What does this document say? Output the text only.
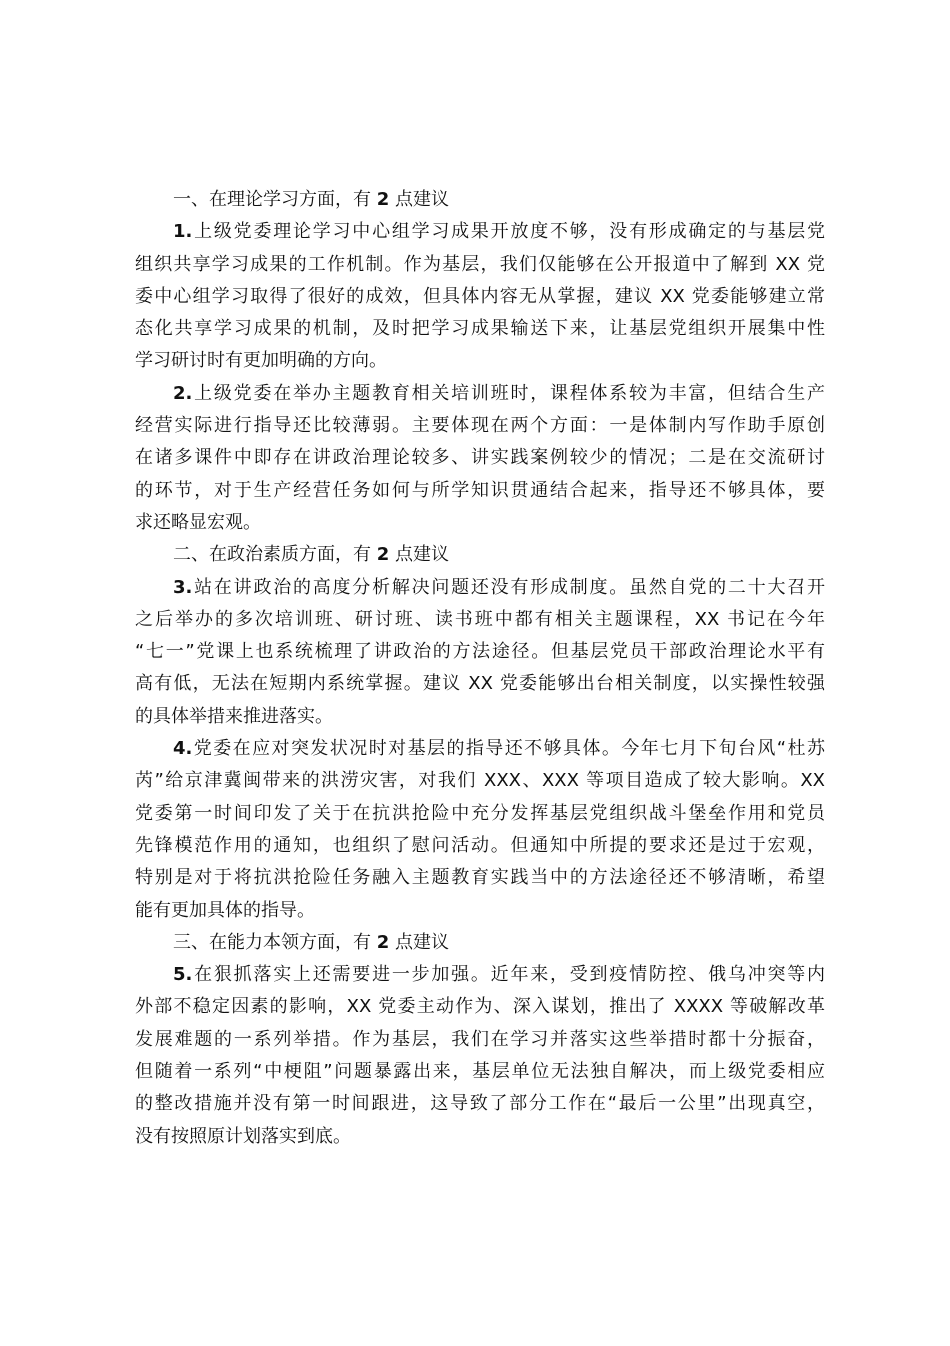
一、在理论学习方面，有 2 点建议
1.上级党委理论学习中心组学习成果开放度不够，没有形成确定的与基层党
组织共享学习成果的工作机制。作为基层，我们仅能够在公开报道中了解到 XX 党
委中心组学习取得了很好的成效，但具体内容无从掌握，建议 XX 党委能够建立常
态化共享学习成果的机制，及时把学习成果输送下来，让基层党组织开展集中性
学习研讨时有更加明确的方向。
2.上级党委在举办主题教育相关培训班时，课程体系较为丰富，但结合生产
经营实际进行指导还比较薄弱。主要体现在两个方面：一是体制内写作助手原创
在诸多课件中即存在讲政治理论较多、讲实践案例较少的情况；二是在交流研讨
的环节，对于生产经营任务如何与所学知识贯通结合起来，指导还不够具体，要
求还略显宏观。
二、在政治素质方面，有 2 点建议
3.站在讲政治的高度分析解决问题还没有形成制度。虽然自党的二十大召开
之后举办的多次培训班、研讨班、读书班中都有相关主题课程，XX 书记在今年
“七一”党课上也系统梳理了讲政治的方法途径。但基层党员干部政治理论水平有
高有低，无法在短期内系统掌握。建议 XX 党委能够出台相关制度，以实操性较强
的具体举措来推进落实。
4.党委在应对突发状况时对基层的指导还不够具体。今年七月下旬台风“杜苏
芮”给京津冀闽带来的洪涝灾害，对我们 XXX、XXX 等项目造成了较大影响。XX
党委第一时间印发了关于在抗洪抢险中充分发挥基层党组织战斗堡垒作用和党员
先锋模范作用的通知，也组织了慰问活动。但通知中所提的要求还是过于宏观，
特别是对于将抗洪抢险任务融入主题教育实践当中的方法途径还不够清晰，希望
能有更加具体的指导。
三、在能力本领方面，有 2 点建议
5.在狠抓落实上还需要进一步加强。近年来，受到疫情防控、俄乌冲突等内
外部不稳定因素的影响，XX 党委主动作为、深入谋划，推出了 XXXX 等破解改革
发展难题的一系列举措。作为基层，我们在学习并落实这些举措时都十分振奋，
但随着一系列“中梗阻”问题暴露出来，基层单位无法独自解决，而上级党委相应
的整改措施并没有第一时间跟进，这导致了部分工作在“最后一公里”出现真空，
没有按照原计划落实到底。
